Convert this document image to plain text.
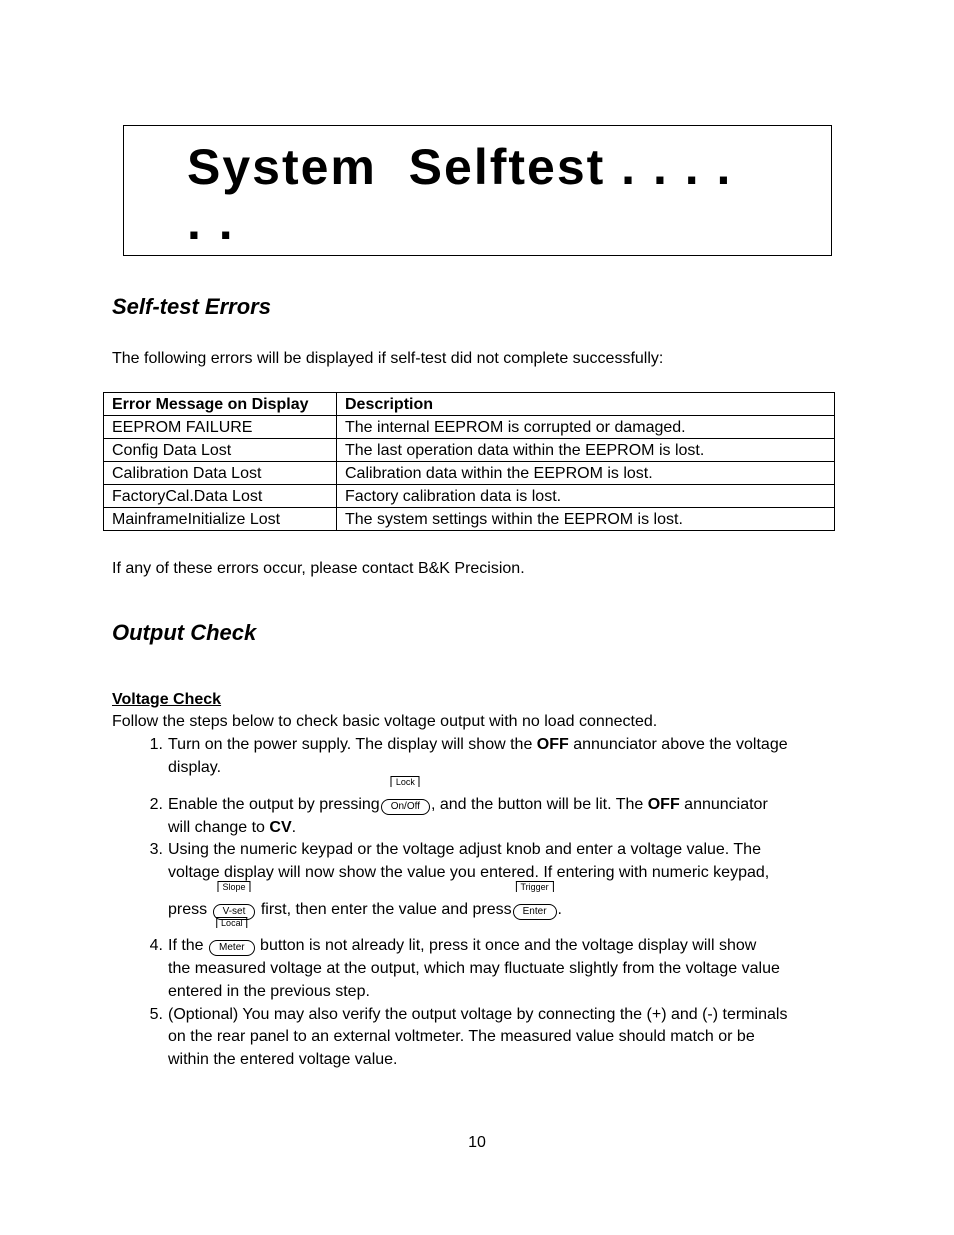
System  Selftest . . . .
. .
Self-test Errors
The following errors will be displayed if self-test did not complete successfully:
Error Message on Display	Description
EEPROM FAILURE	The internal EEPROM is corrupted or damaged.
Config Data Lost	The last operation data within the EEPROM is lost.
Calibration Data Lost	Calibration data within the EEPROM is lost.
FactoryCal.Data Lost	Factory calibration data is lost.
MainframeInitialize Lost	The system settings within the EEPROM is lost.
If any of these errors occur, please contact B&K Precision.
Output Check
Voltage Check
Follow the steps below to check basic voltage output with no load connected.
1. Turn on the power supply. The display will show the OFF annunciator above the voltage
display.
2. Enable the output by pressing
Lock
On/Off , and the button will be lit. The OFF annunciator
will change to CV.
3. Using the numeric keypad or the voltage adjust knob and enter a voltage value. The
voltage display will now show the value you entered. If entering with numeric keypad,
press
Slope
V-set first, then enter the value and press
Trigger
Enter .
4. If the
Local
Meter button is not already lit, press it once and the voltage display will show
the measured voltage at the output, which may fluctuate slightly from the voltage value
entered in the previous step.
5. (Optional) You may also verify the output voltage by connecting the (+) and (-) terminals
on the rear panel to an external voltmeter. The measured value should match or be
within the entered voltage value.
10
